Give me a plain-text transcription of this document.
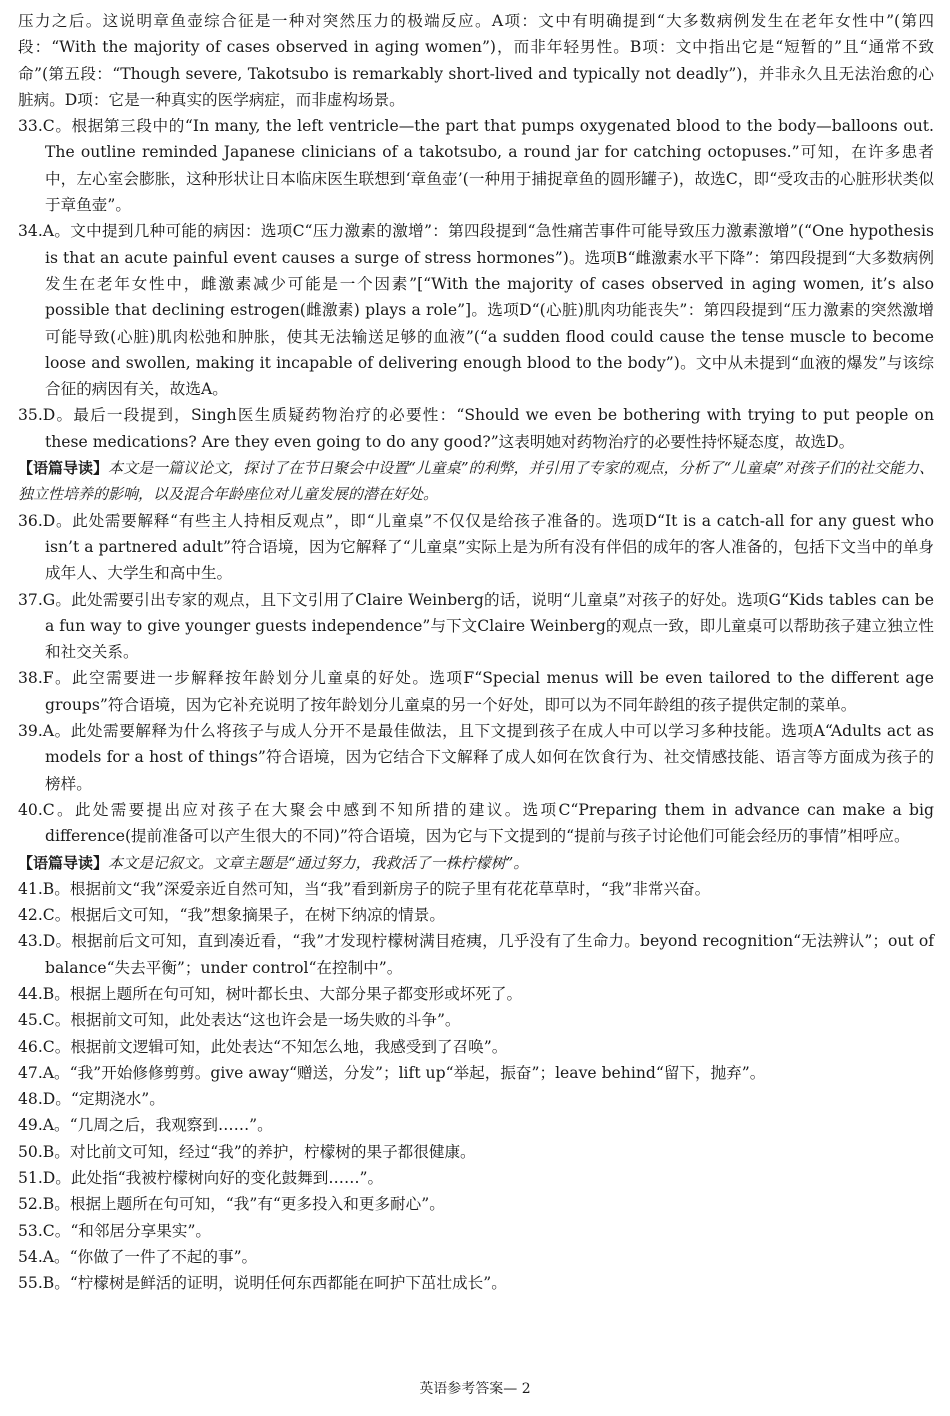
压力之后。这说明章鱼壶综合征是一种对突然压力的极端反应。A项：文中有明确提到“大多数病例发生在老年女性中”(第四段：“With the majority of cases observed in aging women”)，而非年轻男性。B项：文中指出它是“短暂的”且“通常不致命”(第五段：“Though severe, Takotsubo is remarkably short-lived and typically not deadly”)，并非永久且无法治愈的心脏病。D项：它是一种真实的医学病症，而非虚构场景。

33.C。根据第三段中的“In many, the left ventricle—the part that pumps oxygenated blood to the body—balloons out. The outline reminded Japanese clinicians of a takotsubo, a round jar for catching octopuses.”可知，在许多患者中，左心室会膨胀，这种形状让日本临床医生联想到‘章鱼壶’(一种用于捕捉章鱼的圆形罐子)，故选C，即“受攻击的心脏形状类似于章鱼壶”。

34.A。文中提到几种可能的病因：选项C“压力激素的激增”：第四段提到“急性痛苦事件可能导致压力激素激增”(“One hypothesis is that an acute painful event causes a surge of stress hormones”)。选项B“雌激素水平下降”：第四段提到“大多数病例发生在老年女性中，雌激素减少可能是一个因素”[“With the majority of cases observed in aging women, it’s also possible that declining estrogen(雌激素) plays a role”]。选项D“(心脏)肌肉功能丧失”：第四段提到“压力激素的突然激增可能导致(心脏)肌肉松弛和肿胀，使其无法输送足够的血液”(“a sudden flood could cause the tense muscle to become loose and swollen, making it incapable of delivering enough blood to the body”)。文中从未提到“血液的爆发”与该综合征的病因有关，故选A。

35.D。最后一段提到，Singh医生质疑药物治疗的必要性：“Should we even be bothering with trying to put people on these medications? Are they even going to do any good?”这表明她对药物治疗的必要性持怀疑态度，故选D。

【语篇导读】本文是一篇议论文，探讨了在节日聚会中设置“儿童桌”的利弊，并引用了专家的观点，分析了“儿童桌”对孩子们的社交能力、独立性培养的影响，以及混合年龄座位对儿童发展的潜在好处。

36.D。此处需要解释“有些主人持相反观点”，即“儿童桌”不仅仅是给孩子准备的。选项D“It is a catch-all for any guest who isn’t a partnered adult”符合语境，因为它解释了“儿童桌”实际上是为所有没有伴侣的成年的客人准备的，包括下文当中的单身成年人、大学生和高中生。

37.G。此处需要引出专家的观点，且下文引用了Claire Weinberg的话，说明“儿童桌”对孩子的好处。选项G“Kids tables can be a fun way to give younger guests independence”与下文Claire Weinberg的观点一致，即儿童桌可以帮助孩子建立独立性和社交关系。

38.F。此空需要进一步解释按年龄划分儿童桌的好处。选项F“Special menus will be even tailored to the different age groups”符合语境，因为它补充说明了按年龄划分儿童桌的另一个好处，即可以为不同年龄组的孩子提供定制的菜单。

39.A。此处需要解释为什么将孩子与成人分开不是最佳做法，且下文提到孩子在成人中可以学习多种技能。选项A“Adults act as models for a host of things”符合语境，因为它结合下文解释了成人如何在饮食行为、社交情感技能、语言等方面成为孩子的榜样。

40.C。此处需要提出应对孩子在大聚会中感到不知所措的建议。选项C“Preparing them in advance can make a big difference(提前准备可以产生很大的不同)”符合语境，因为它与下文提到的“提前与孩子讨论他们可能会经历的事情”相呼应。

【语篇导读】本文是记叙文。文章主题是“通过努力，我救活了一株柠檬树”。

41.B。根据前文“我”深爱亲近自然可知，当“我”看到新房子的院子里有花花草草时，“我”非常兴奋。

42.C。根据后文可知，“我”想象摘果子，在树下纳凉的情景。

43.D。根据前后文可知，直到凑近看，“我”才发现柠檬树满目疮痍，几乎没有了生命力。beyond recognition“无法辨认”；out of balance“失去平衡”；under control“在控制中”。

44.B。根据上题所在句可知，树叶都长虫、大部分果子都变形或坏死了。

45.C。根据前文可知，此处表达“这也许会是一场失败的斗争”。

46.C。根据前文逻辑可知，此处表达“不知怎么地，我感受到了召唤”。

47.A。“我”开始修修剪剪。give away“赠送，分发”；lift up“举起，振奋”；leave behind“留下，抛弃”。

48.D。“定期浇水”。

49.A。“几周之后，我观察到……”。

50.B。对比前文可知，经过“我”的养护，柠檬树的果子都很健康。

51.D。此处指“我被柠檬树向好的变化鼓舞到……”。

52.B。根据上题所在句可知，“我”有“更多投入和更多耐心”。

53.C。“和邻居分享果实”。

54.A。“你做了一件了不起的事”。

55.B。“柠檬树是鲜活的证明，说明任何东西都能在呵护下茁壮成长”。

英语参考答案— 2
